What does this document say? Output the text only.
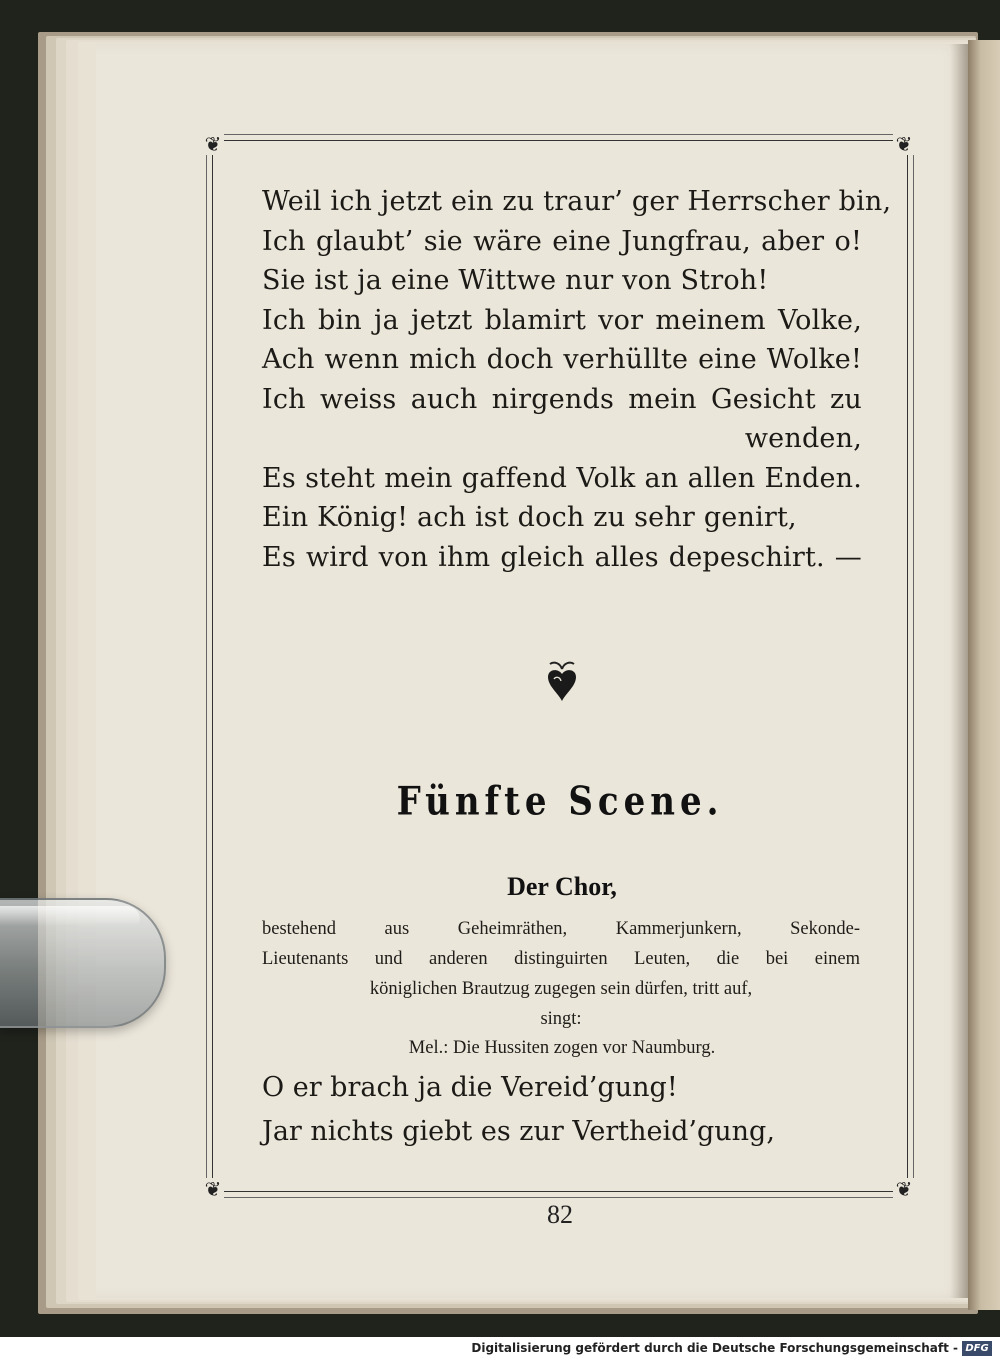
❦	❦
❦	❦
Weil ich jetzt ein zu traur’ ger Herrscher bin,
Ich glaubt’ sie wäre eine Jungfrau, aber o!
Sie ist ja eine Wittwe nur von Stroh!
Ich bin ja jetzt blamirt vor meinem Volke,
Ach wenn mich doch verhüllte eine Wolke!
Ich weiss auch nirgends mein Gesicht zu
wenden,
Es steht mein gaffend Volk an allen Enden.
Ein König! ach ist doch zu sehr genirt,
Es wird von ihm gleich alles depeschirt. —
Fünfte Scene.
Der Chor,
bestehend aus Geheimräthen, Kammerjunkern, Sekonde-
Lieutenants und anderen distinguirten Leuten, die bei einem
königlichen Brautzug zugegen sein dürfen, tritt auf,
singt:
Mel.: Die Hussiten zogen vor Naumburg.
O er brach ja die Vereid’gung!
Jar nichts giebt es zur Vertheid’gung,
82
Digitalisierung gefördert durch die Deutsche Forschungsgemeinschaft - DFG
